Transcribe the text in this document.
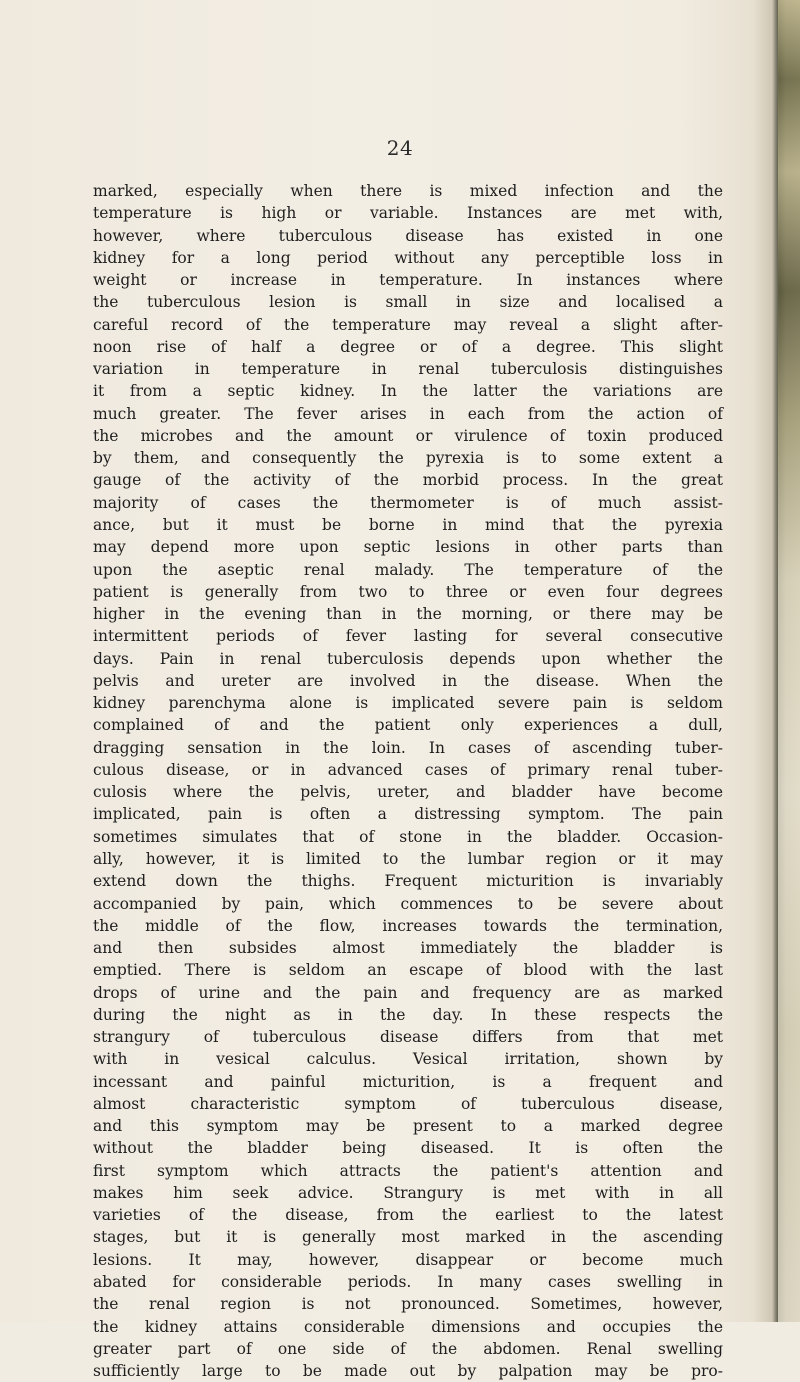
24
marked, especially when there is mixed infection and the
temperature is high or variable. Instances are met with,
however, where tuberculous disease has existed in one
kidney for a long period without any perceptible loss in
weight or increase in temperature. In instances where
the tuberculous lesion is small in size and localised a
careful record of the temperature may reveal a slight after-
noon rise of half a degree or of a degree. This slight
variation in temperature in renal tuberculosis distinguishes
it from a septic kidney. In the latter the variations are
much greater. The fever arises in each from the action of
the microbes and the amount or virulence of toxin produced
by them, and consequently the pyrexia is to some extent a
gauge of the activity of the morbid process. In the great
majority of cases the thermometer is of much assist-
ance, but it must be borne in mind that the pyrexia
may depend more upon septic lesions in other parts than
upon the aseptic renal malady. The temperature of the
patient is generally from two to three or even four degrees
higher in the evening than in the morning, or there may be
intermittent periods of fever lasting for several consecutive
days. Pain in renal tuberculosis depends upon whether the
pelvis and ureter are involved in the disease. When the
kidney parenchyma alone is implicated severe pain is seldom
complained of and the patient only experiences a dull,
dragging sensation in the loin. In cases of ascending tuber-
culous disease, or in advanced cases of primary renal tuber-
culosis where the pelvis, ureter, and bladder have become
implicated, pain is often a distressing symptom. The pain
sometimes simulates that of stone in the bladder. Occasion-
ally, however, it is limited to the lumbar region or it may
extend down the thighs. Frequent micturition is invariably
accompanied by pain, which commences to be severe about
the middle of the flow, increases towards the termination,
and then subsides almost immediately the bladder is
emptied. There is seldom an escape of blood with the last
drops of urine and the pain and frequency are as marked
during the night as in the day. In these respects the
strangury of tuberculous disease differs from that met
with in vesical calculus. Vesical irritation, shown by
incessant and painful micturition, is a frequent and
almost characteristic symptom of tuberculous disease,
and this symptom may be present to a marked degree
without the bladder being diseased. It is often the
first symptom which attracts the patient's attention and
makes him seek advice. Strangury is met with in all
varieties of the disease, from the earliest to the latest
stages, but it is generally most marked in the ascending
lesions. It may, however, disappear or become much
abated for considerable periods. In many cases swelling in
the renal region is not pronounced. Sometimes, however,
the kidney attains considerable dimensions and occupies the
greater part of one side of the abdomen. Renal swelling
sufficiently large to be made out by palpation may be pro-
